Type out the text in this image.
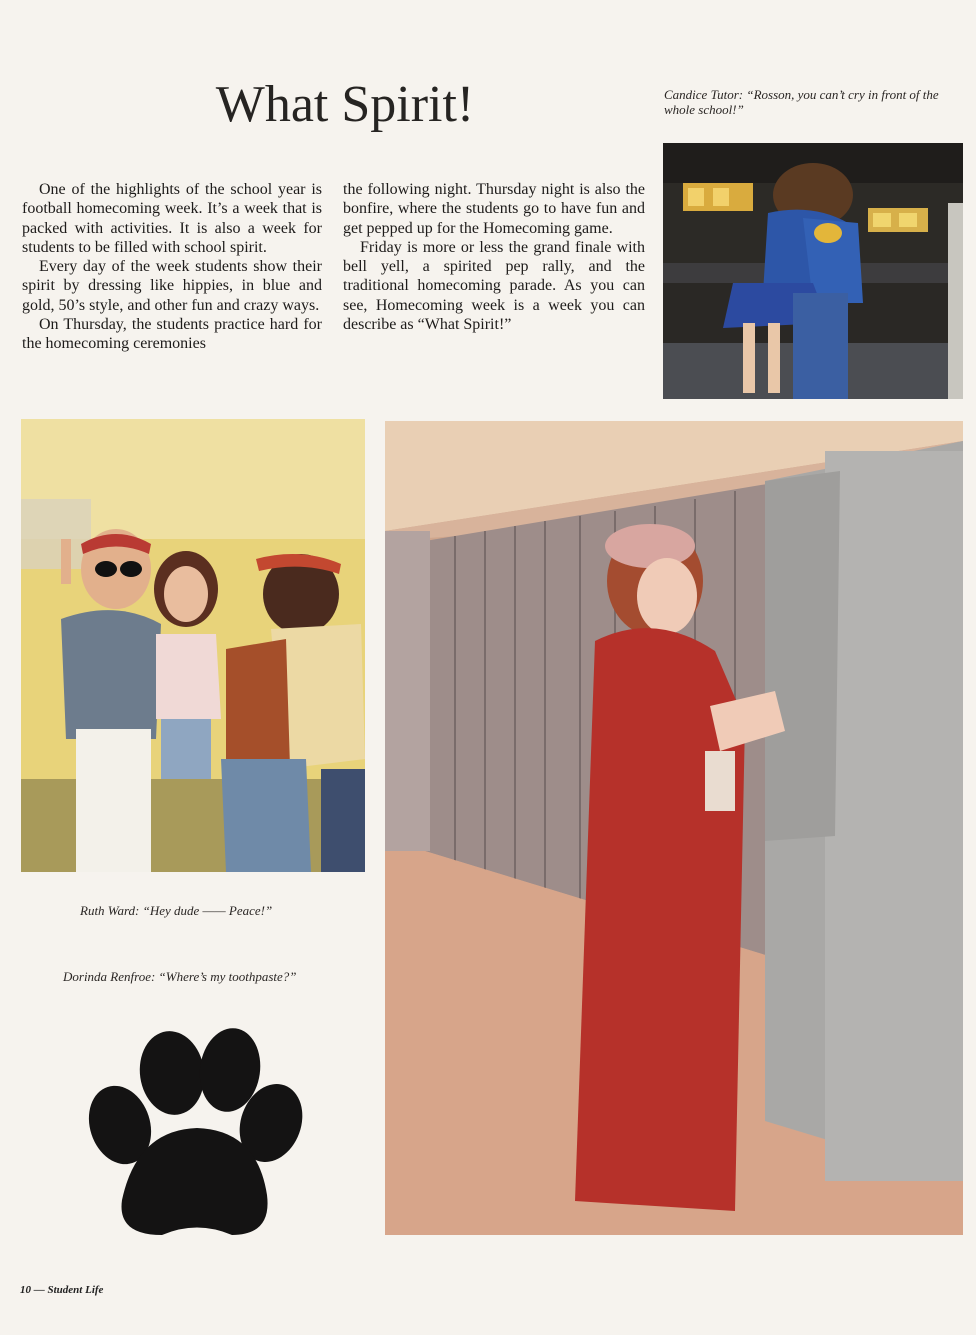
What Spirit!	Candice Tutor: “Rosson, you can’t cry in front of the whole school!”

One of the highlights of the school year is football homecoming week. It’s a week that is packed with activities. It is also a week for students to be filled with school spirit.

Every day of the week students show their spirit by dressing like hippies, in blue and gold, 50’s style, and other fun and crazy ways.

On Thursday, the students practice hard for the homecoming ceremonies

the following night. Thursday night is also the bonfire, where the students go to have fun and get pepped up for the Homecoming game.

Friday is more or less the grand finale with bell yell, a spirited pep rally, and the traditional homecoming parade. As you can see, Homecoming week is a week you can describe as “What Spirit!”

Ruth Ward: “Hey dude —— Peace!”
Dorinda Renfroe: “Where’s my toothpaste?”
10 — Student Life
